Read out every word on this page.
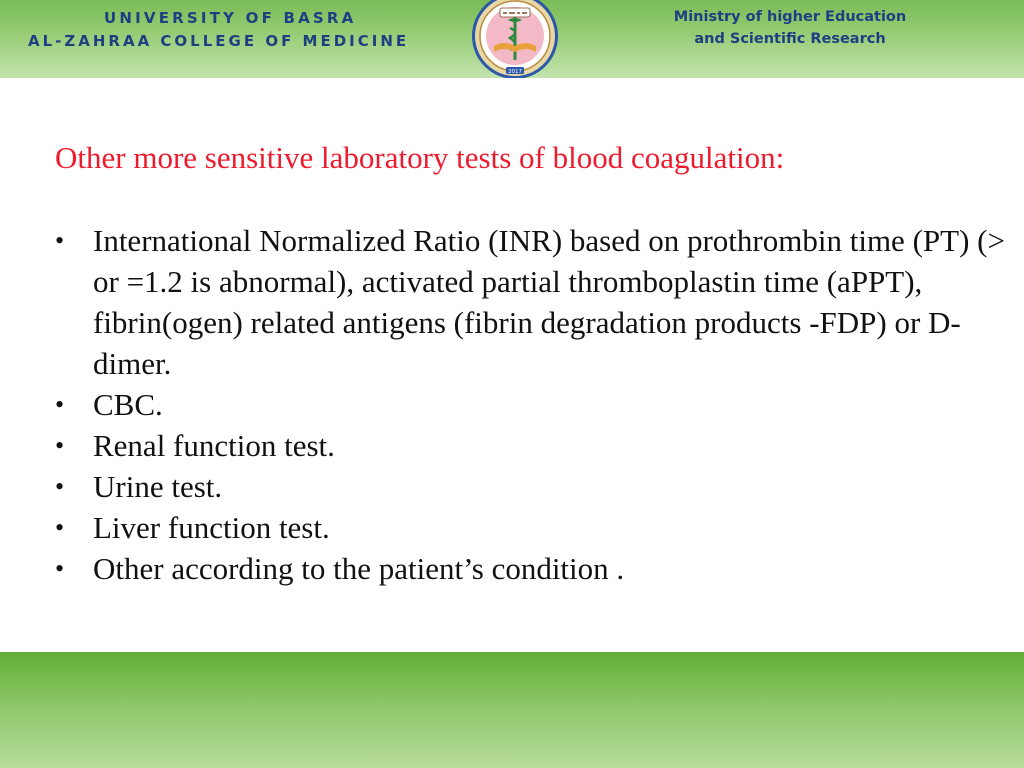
UNIVERSITY OF BASRA
AL-ZAHRAA COLLEGE OF MEDICINE
2017
Ministry of higher Education
and Scientific Research
Other more sensitive laboratory tests of blood coagulation:
• International Normalized Ratio (INR) based on prothrombin time (PT) (> or =1.2 is abnormal), activated partial thromboplastin time (aPPT), fibrin(ogen) related antigens (fibrin degradation products -FDP) or D-dimer.
• CBC.
• Renal function test.
• Urine test.
• Liver function test.
• Other according to the patient’s condition .
